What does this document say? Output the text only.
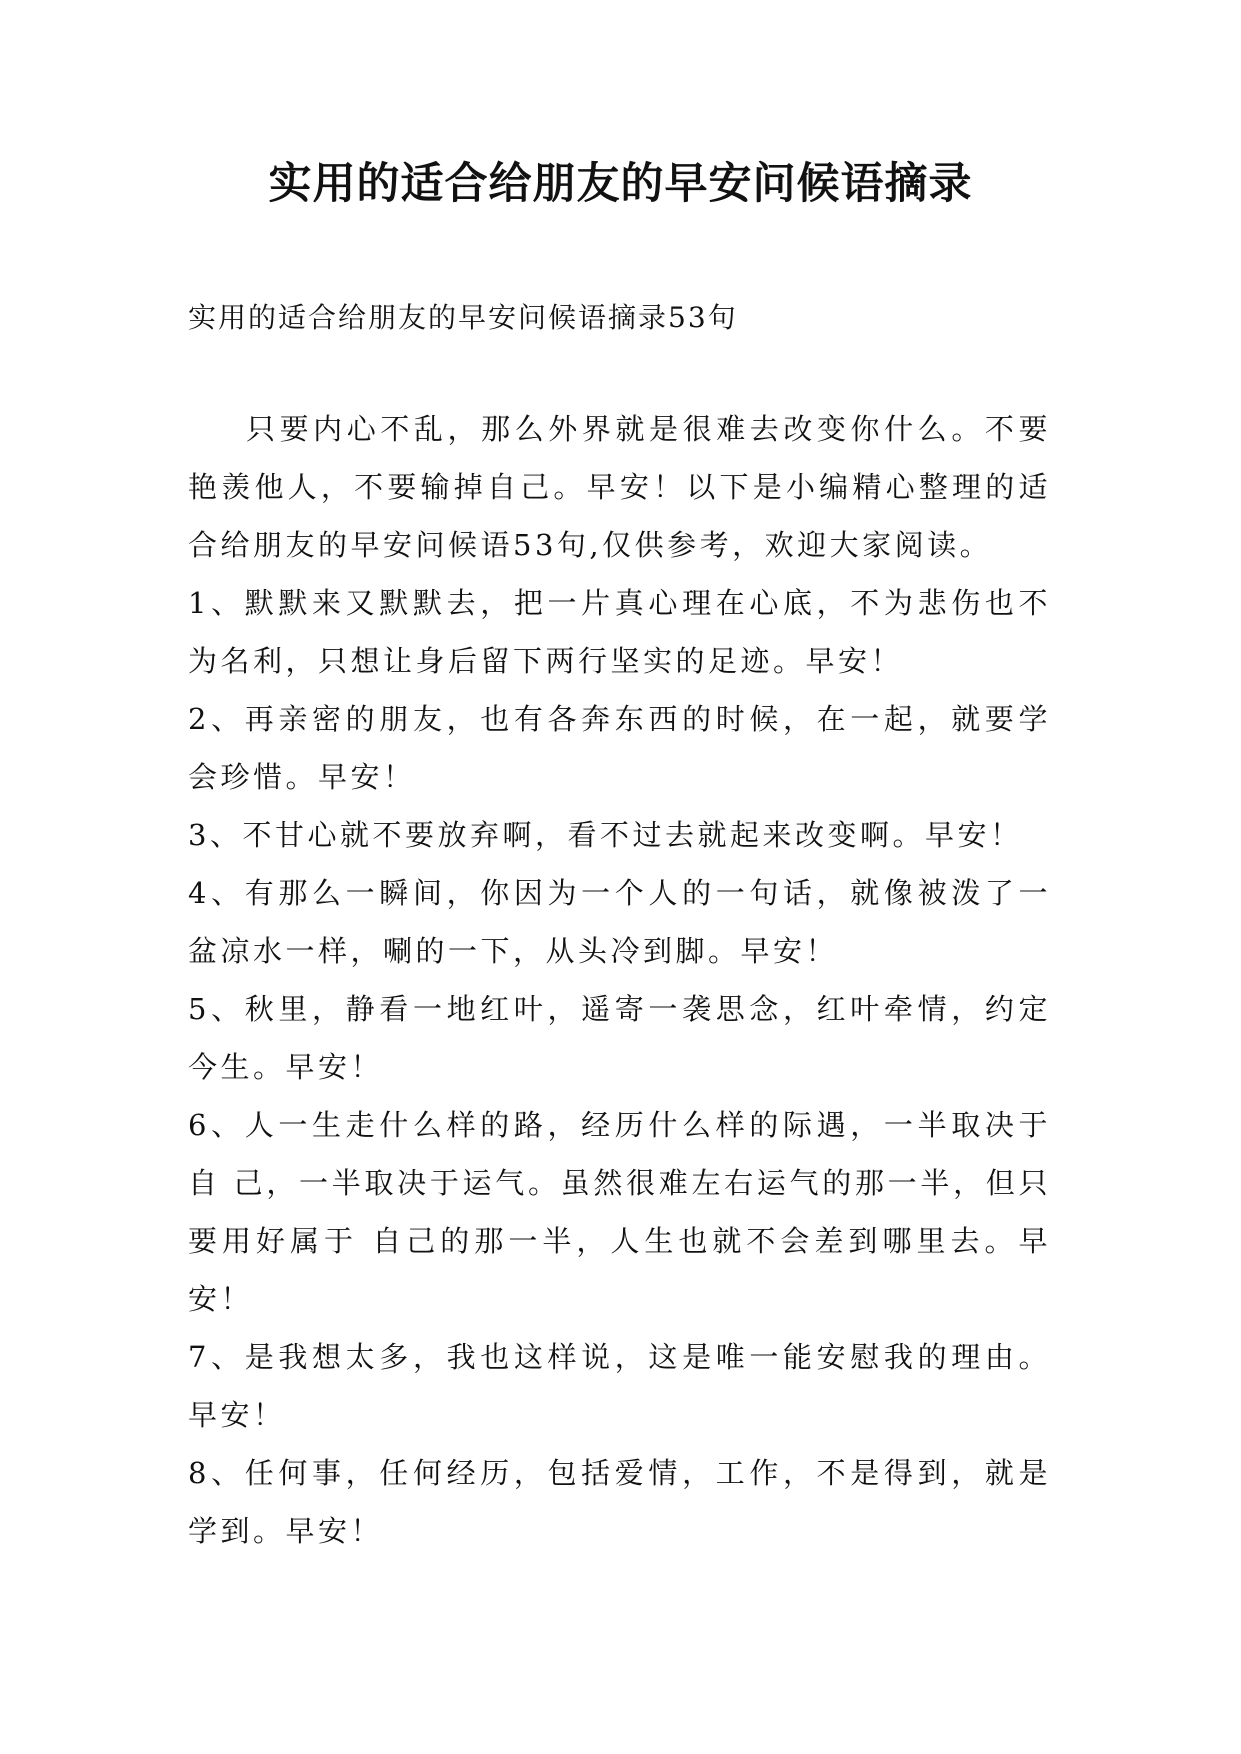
实用的适合给朋友的早安问候语摘录
实用的适合给朋友的早安问候语摘录53句

只要内心不乱，那么外界就是很难去改变你什么。不要艳羡他人，不要输掉自己。早安！以下是小编精心整理的适合给朋友的早安问候语53句,仅供参考，欢迎大家阅读。

1、默默来又默默去，把一片真心理在心底，不为悲伤也不为名利，只想让身后留下两行坚实的足迹。早安！

2、再亲密的朋友，也有各奔东西的时候，在一起，就要学会珍惜。早安！

3、不甘心就不要放弃啊，看不过去就起来改变啊。早安！

4、有那么一瞬间，你因为一个人的一句话，就像被泼了一盆凉水一样，唰的一下，从头冷到脚。早安！

5、秋里，静看一地红叶，遥寄一袭思念，红叶牵情，约定今生。早安！

6、人一生走什么样的路，经历什么样的际遇，一半取决于自 己，一半取决于运气。虽然很难左右运气的那一半，但只要用好属于 自己的那一半，人生也就不会差到哪里去。早安！

7、是我想太多，我也这样说，这是唯一能安慰我的理由。早安！

8、任何事，任何经历，包括爱情，工作，不是得到，就是学到。早安！
